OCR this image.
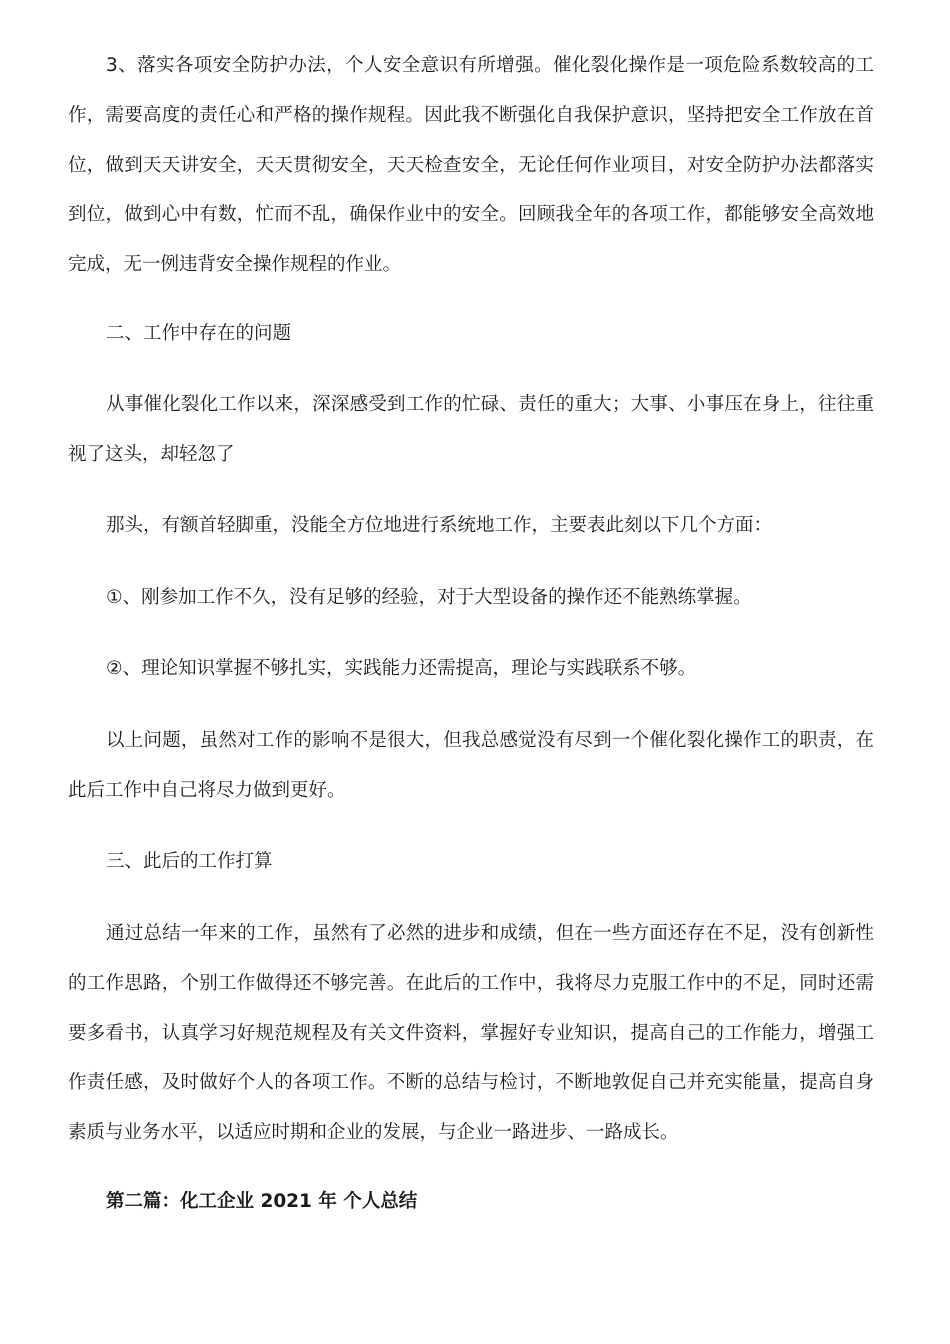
3、落实各项安全防护办法，个人安全意识有所增强。催化裂化操作是一项危险系数较高的工作，需要高度的责任心和严格的操作规程。因此我不断强化自我保护意识，坚持把安全工作放在首位，做到天天讲安全，天天贯彻安全，天天检查安全，无论任何作业项目，对安全防护办法都落实到位，做到心中有数，忙而不乱，确保作业中的安全。回顾我全年的各项工作，都能够安全高效地完成，无一例违背安全操作规程的作业。

二、工作中存在的问题

从事催化裂化工作以来，深深感受到工作的忙碌、责任的重大；大事、小事压在身上，往往重视了这头，却轻忽了

那头，有额首轻脚重，没能全方位地进行系统地工作，主要表此刻以下几个方面：

①、刚参加工作不久，没有足够的经验，对于大型设备的操作还不能熟练掌握。

②、理论知识掌握不够扎实，实践能力还需提高，理论与实践联系不够。

以上问题，虽然对工作的影响不是很大，但我总感觉没有尽到一个催化裂化操作工的职责，在此后工作中自己将尽力做到更好。

三、此后的工作打算

通过总结一年来的工作，虽然有了必然的进步和成绩，但在一些方面还存在不足，没有创新性的工作思路，个别工作做得还不够完善。在此后的工作中，我将尽力克服工作中的不足，同时还需要多看书，认真学习好规范规程及有关文件资料，掌握好专业知识，提高自己的工作能力，增强工作责任感，及时做好个人的各项工作。不断的总结与检讨，不断地敦促自己并充实能量，提高自身素质与业务水平，以适应时期和企业的发展，与企业一路进步、一路成长。

第二篇：化工企业 2021 年 个人总结
